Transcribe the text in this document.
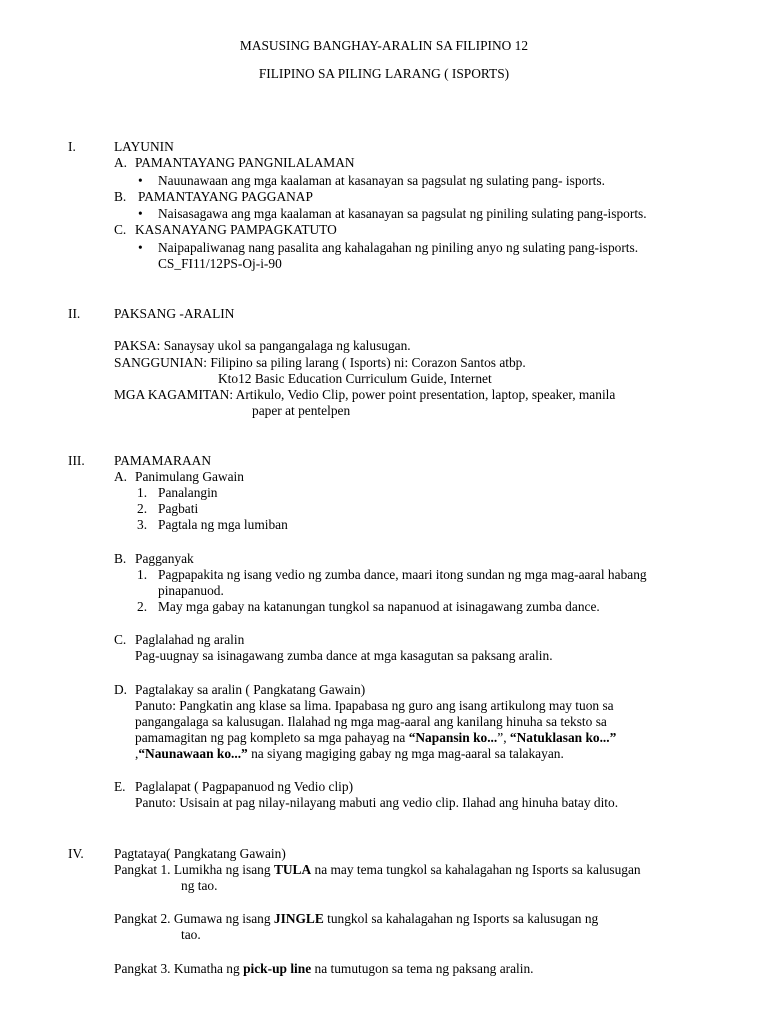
MASUSING BANGHAY-ARALIN SA FILIPINO 12
FILIPINO SA PILING LARANG ( ISPORTS)
I.	LAYUNIN
A. PAMANTAYANG PANGNILALAMAN
• Nauunawaan ang mga kaalaman at kasanayan sa pagsulat ng sulating pang- isports.
B. PAMANTAYANG PAGGANAP
• Naisasagawa ang mga kaalaman at kasanayan sa pagsulat ng piniling sulating pang-isports.
C. KASANAYANG PAMPAGKATUTO
• Naipapaliwanag nang pasalita ang kahalagahan ng piniling anyo ng sulating pang-isports.
CS_FI11/12PS-Oj-i-90
II.	PAKSANG -ARALIN
PAKSA: Sanaysay ukol sa pangangalaga ng kalusugan.
SANGGUNIAN: Filipino sa piling larang ( Isports) ni: Corazon Santos atbp.
Kto12 Basic Education Curriculum Guide, Internet
MGA KAGAMITAN: Artikulo, Vedio Clip, power point presentation, laptop, speaker, manila
paper at pentelpen
III. PAMAMARAAN
A. Panimulang Gawain
1. Panalangin
2. Pagbati
3. Pagtala ng mga lumiban
B. Pagganyak
1. Pagpapakita ng isang vedio ng zumba dance, maari itong sundan ng mga mag-aaral habang
pinapanuod.
2. May mga gabay na katanungan tungkol sa napanuod at isinagawang zumba dance.
C. Paglalahad ng aralin
Pag-uugnay sa isinagawang zumba dance at mga kasagutan sa paksang aralin.
D. Pagtalakay sa aralin ( Pangkatang Gawain)
Panuto: Pangkatin ang klase sa lima. Ipapabasa ng guro ang isang artikulong may tuon sa
pangangalaga sa kalusugan. Ilalahad ng mga mag-aaral ang kanilang hinuha sa teksto sa
pamamagitan ng pag kompleto sa mga pahayag na “Napansin ko...”, “Natuklasan ko...”
,“Naunawaan ko...” na siyang magiging gabay ng mga mag-aaral sa talakayan.
E. Paglalapat ( Pagpapanuod ng Vedio clip)
Panuto: Usisain at pag nilay-nilayang mabuti ang vedio clip. Ilahad ang hinuha batay dito.
IV. Pagtataya( Pangkatang Gawain)
Pangkat 1. Lumikha ng isang TULA na may tema tungkol sa kahalagahan ng Isports sa kalusugan
ng tao.
Pangkat 2. Gumawa ng isang JINGLE tungkol sa kahalagahan ng Isports sa kalusugan ng
tao.
Pangkat 3. Kumatha ng pick-up line na tumutugon sa tema ng paksang aralin.
